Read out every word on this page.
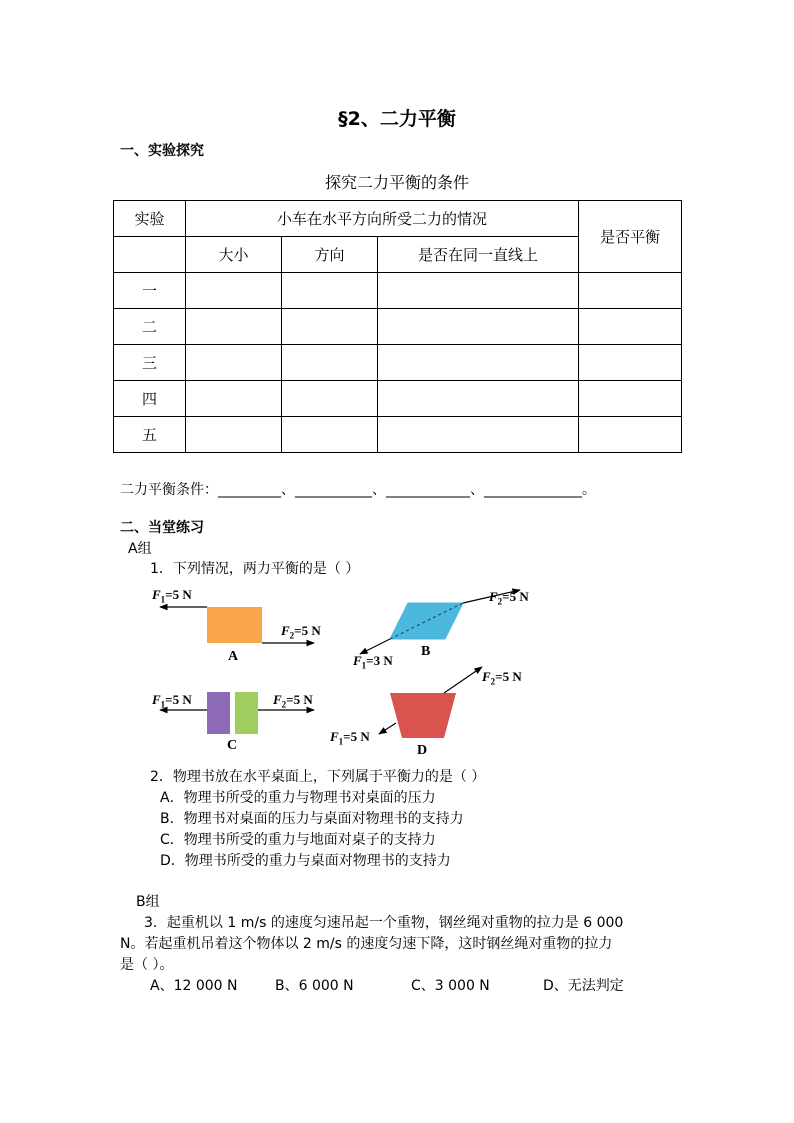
§2、二力平衡
一、实验探究
探究二力平衡的条件
实验	小车在水平方向所受二力的情况			是否平衡
	大小	方向	是否在同一直线上	
一				
二				
三				
四				
五				
二力平衡条件：_________、___________、____________、______________。
二、当堂练习
A组
1．下列情况，两力平衡的是（ ）
$F_1=5$ N
$F_2=5$ N
A
$F_2=5$ N
$F_1=3$ N
B
$F_1=5$ N	$F_2=5$ N
C
$F_2=5$ N
$F_1=5$ N
D
2．物理书放在水平桌面上，下列属于平衡力的是（ ）
A．物理书所受的重力与物理书对桌面的压力
B．物理书对桌面的压力与桌面对物理书的支持力
C．物理书所受的重力与地面对桌子的支持力
D．物理书所受的重力与桌面对物理书的支持力
B组
3．起重机以 1 m/s 的速度匀速吊起一个重物，钢丝绳对重物的拉力是 6 000
N。若起重机吊着这个物体以 2 m/s 的速度匀速下降，这时钢丝绳对重物的拉力
是（ ）。
A、12 000 N	B、6 000 N	C、3 000 N	D、无法判定
